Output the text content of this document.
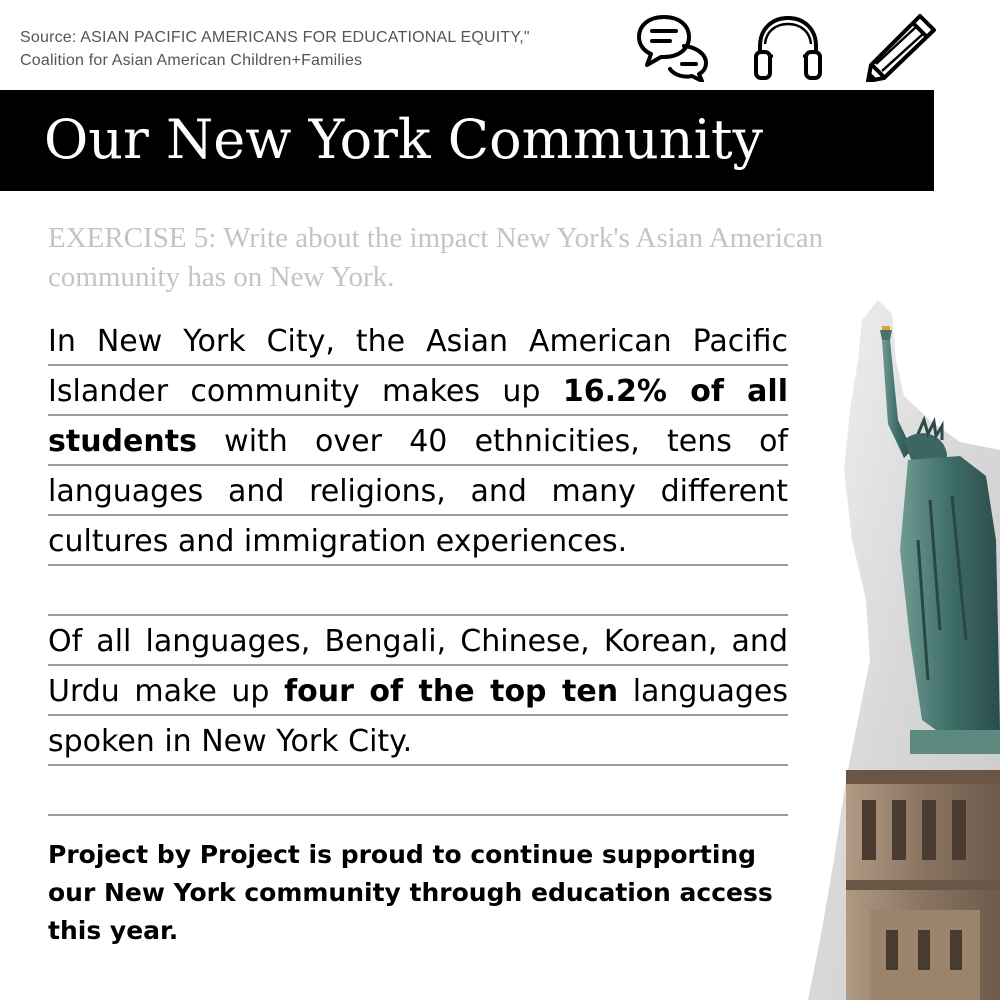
Source: ASIAN PACIFIC AMERICANS FOR EDUCATIONAL EQUITY,"
Coalition for Asian American Children+Families
Our New York Community
EXERCISE 5: Write about the impact New York's Asian American community has on New York.
In New York City, the Asian American Pacific Islander community makes up 16.2% of all students with over 40 ethnicities, tens of languages and religions, and many different cultures and immigration experiences.
Of all languages, Bengali, Chinese, Korean, and Urdu make up four of the top ten languages spoken in New York City.
Project by Project is proud to continue supporting our New York community through education access this year.
